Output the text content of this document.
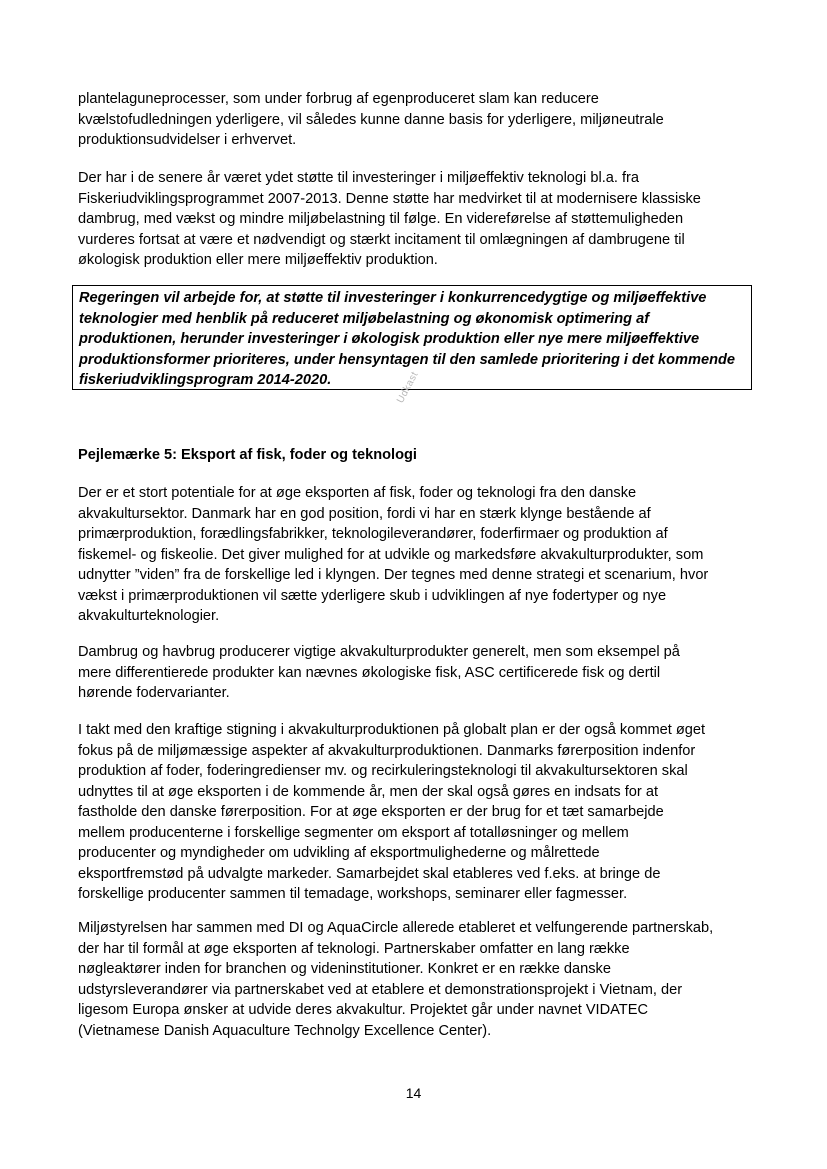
plantelaguneprocesser, som under forbrug af egenproduceret slam kan reducere
kvælstofudledningen yderligere, vil således kunne danne basis for yderligere, miljøneutrale
produktionsudvidelser i erhvervet.
Der har i de senere år været ydet støtte til investeringer i miljøeffektiv teknologi bl.a. fra
Fiskeriudviklingsprogrammet 2007-2013. Denne støtte har medvirket til at modernisere klassiske
dambrug, med vækst og mindre miljøbelastning til følge. En videreførelse af støttemuligheden
vurderes fortsat at være et nødvendigt og stærkt incitament til omlægningen af dambrugene til
økologisk produktion eller mere miljøeffektiv produktion.
Regeringen vil arbejde for, at støtte til investeringer i konkurrencedygtige og miljøeffektive
teknologier med henblik på reduceret miljøbelastning og økonomisk optimering af
produktionen, herunder investeringer i økologisk produktion eller nye mere miljøeffektive
produktionsformer prioriteres, under hensyntagen til den samlede prioritering i det kommende
fiskeriudviklingsprogram 2014-2020.	Udkast
Pejlemærke 5: Eksport af fisk, foder og teknologi
Der er et stort potentiale for at øge eksporten af fisk, foder og teknologi fra den danske
akvakultursektor. Danmark har en god position, fordi vi har en stærk klynge bestående af
primærproduktion, forædlingsfabrikker, teknologileverandører, foderfirmaer og produktion af
fiskemel- og fiskeolie. Det giver mulighed for at udvikle og markedsføre akvakulturprodukter, som
udnytter ”viden” fra de forskellige led i klyngen. Der tegnes med denne strategi et scenarium, hvor
vækst i primærproduktionen vil sætte yderligere skub i udviklingen af nye fodertyper og nye
akvakulturteknologier.
Dambrug og havbrug producerer vigtige akvakulturprodukter generelt, men som eksempel på
mere differentierede produkter kan nævnes økologiske fisk, ASC certificerede fisk og dertil
hørende fodervarianter.
I takt med den kraftige stigning i akvakulturproduktionen på globalt plan er der også kommet øget
fokus på de miljømæssige aspekter af akvakulturproduktionen. Danmarks førerposition indenfor
produktion af foder, foderingredienser mv. og recirkuleringsteknologi til akvakultursektoren skal
udnyttes til at øge eksporten i de kommende år, men der skal også gøres en indsats for at
fastholde den danske førerposition. For at øge eksporten er der brug for et tæt samarbejde
mellem producenterne i forskellige segmenter om eksport af totalløsninger og mellem
producenter og myndigheder om udvikling af eksportmulighederne og målrettede
eksportfremstød på udvalgte markeder. Samarbejdet skal etableres ved f.eks. at bringe de
forskellige producenter sammen til temadage, workshops, seminarer eller fagmesser.
Miljøstyrelsen har sammen med DI og AquaCircle allerede etableret et velfungerende partnerskab,
der har til formål at øge eksporten af teknologi. Partnerskaber omfatter en lang række
nøgleaktører inden for branchen og videninstitutioner. Konkret er en række danske
udstyrsleverandører via partnerskabet ved at etablere et demonstrationsprojekt i Vietnam, der
ligesom Europa ønsker at udvide deres akvakultur. Projektet går under navnet VIDATEC
(Vietnamese Danish Aquaculture Technolgy Excellence Center).
14
